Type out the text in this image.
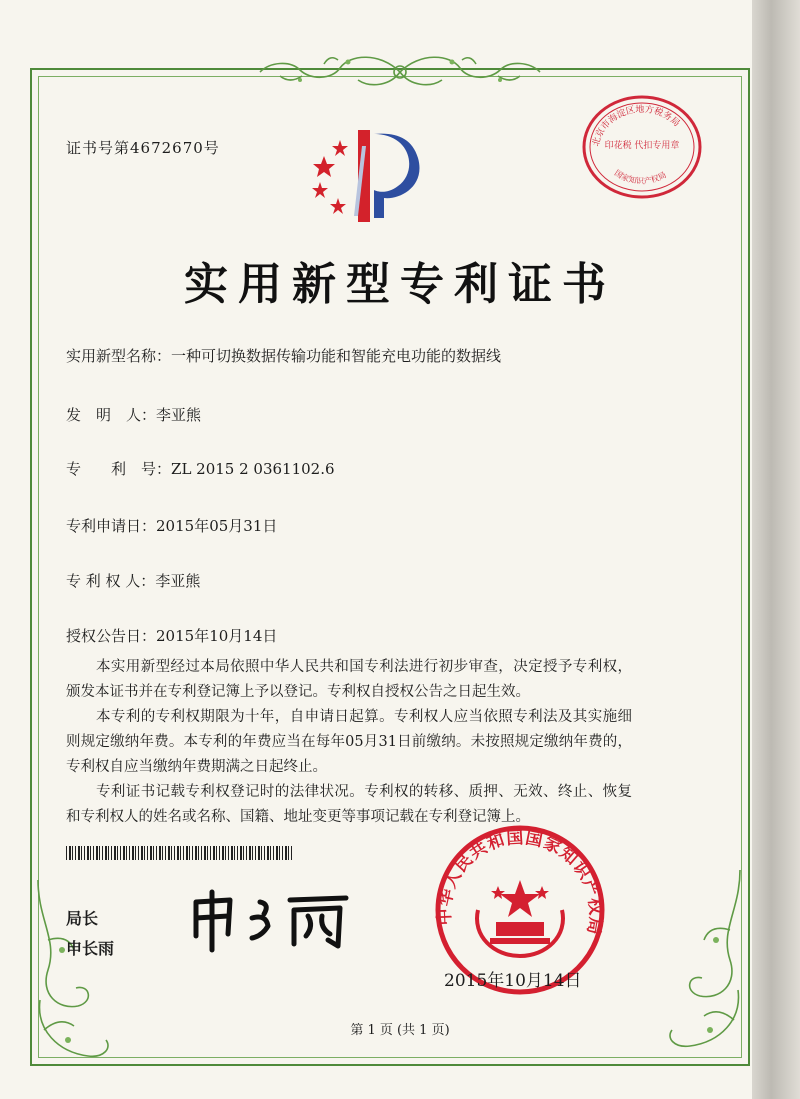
证书号第4672670号	北京市海淀区地方税务局
印花税 代扣专用章
国家知识产权局
实用新型专利证书
实用新型名称：一种可切换数据传输功能和智能充电功能的数据线
发　明　人：李亚熊
专　　利　号：ZL 2015 2 0361102.6
专利申请日：2015年05月31日
专 利 权 人：李亚熊
授权公告日：2015年10月14日

本实用新型经过本局依照中华人民共和国专利法进行初步审查，决定授予专利权，颁发本证书并在专利登记簿上予以登记。专利权自授权公告之日起生效。

本专利的专利权期限为十年，自申请日起算。专利权人应当依照专利法及其实施细则规定缴纳年费。本专利的年费应当在每年05月31日前缴纳。未按照规定缴纳年费的，专利权自应当缴纳年费期满之日起终止。

专利证书记载专利权登记时的法律状况。专利权的转移、质押、无效、终止、恢复和专利权人的姓名或名称、国籍、地址变更等事项记载在专利登记簿上。

局长
申长雨
中华人民共和国国家知识产权局
2015年10月14日
第 1 页 (共 1 页)
